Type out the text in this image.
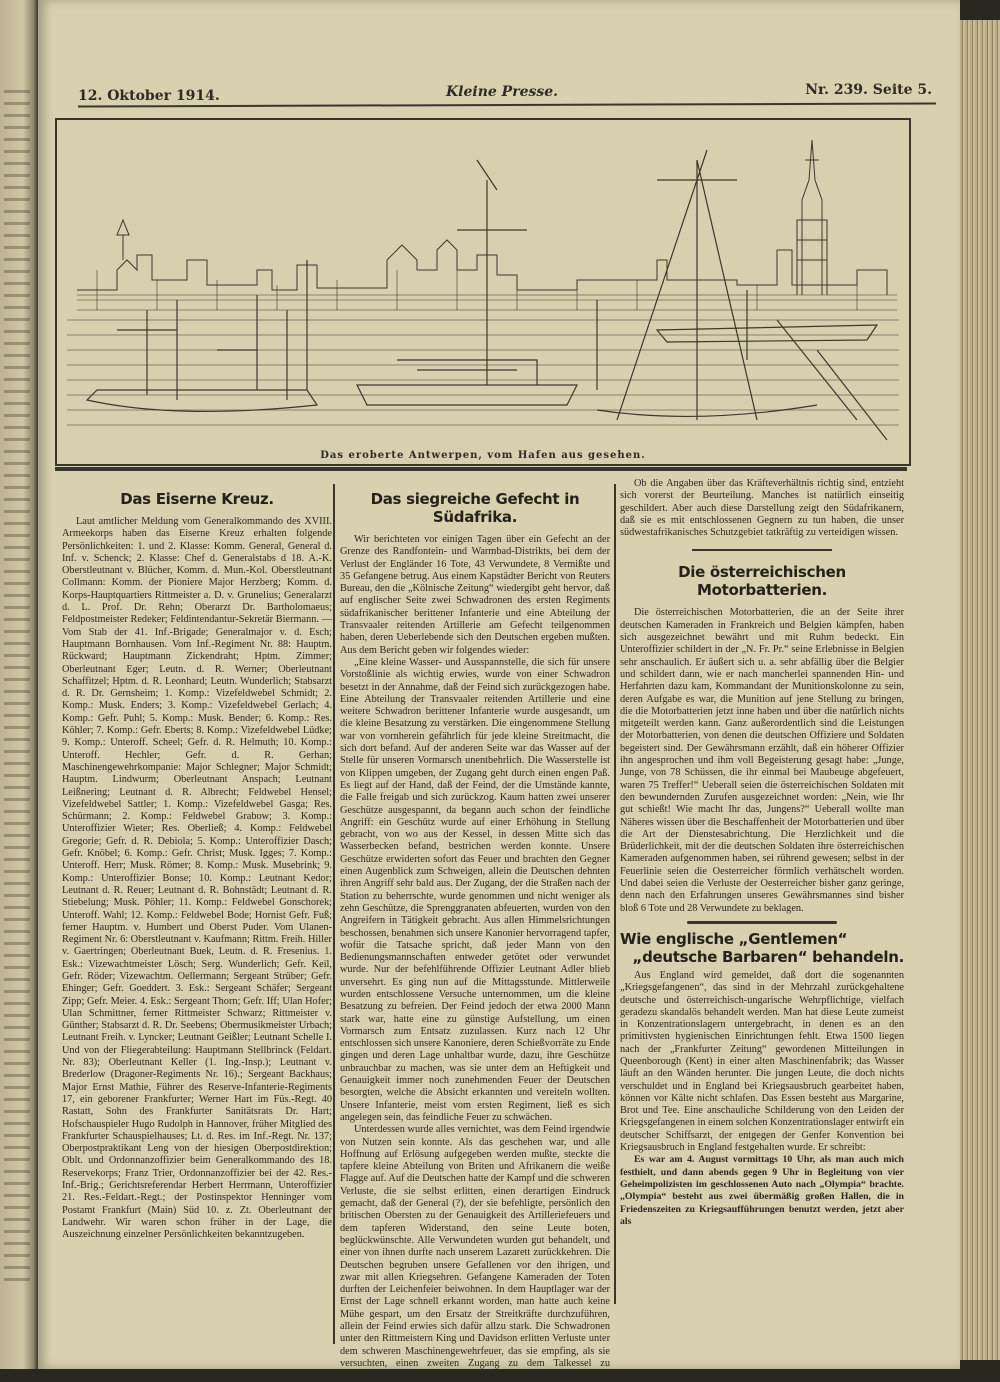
12. Oktober 1914.	Kleine Presse.	Nr. 239. Seite 5.
Das eroberte Antwerpen, vom Hafen aus gesehen.
Das Eiserne Kreuz.

Laut amtlicher Meldung vom Generalkommando des XVIII. Armeekorps haben das Eiserne Kreuz erhalten folgende Persönlichkeiten: 1. und 2. Klasse: Komm. General, General d. Inf. v. Schenck; 2. Klasse: Chef d. Generalstabs d 18. A.-K. Oberstleutnant v. Blücher, Komm. d. Mun.-Kol. Oberstleutnant Collmann: Komm. der Pioniere Major Herzberg; Komm. d. Korps-Hauptquartiers Rittmeister a. D. v. Grunelius; Generalarzt d. L. Prof. Dr. Rehn; Oberarzt Dr. Bartholomaeus; Feldpostmeister Redeker; Feldintendantur-Sekretär Biermann. — Vom Stab der 41. Inf.-Brigade; Generalmajor v. d. Esch; Hauptmann Bornhausen. Vom Inf.-Regiment Nr. 88: Hauptm. Rückward; Hauptmann Zickendraht; Hptm. Zimmer; Oberleutnant Eger; Leutn. d. R. Werner; Oberleutnant Schaffitzel; Hptm. d. R. Leonhard; Leutn. Wunderlich; Stabsarzt d. R. Dr. Gernsheim; 1. Komp.: Vizefeldwebel Schmidt; 2. Komp.: Musk. Enders; 3. Komp.: Vizefeldwebel Gerlach; 4. Komp.: Gefr. Puhl; 5. Komp.: Musk. Bender; 6. Komp.: Res. Köhler; 7. Komp.: Gefr. Eberts; 8. Komp.: Vizefeldwebel Lüdke; 9. Komp.: Unteroff. Scheel; Gefr. d. R. Helmuth; 10. Komp.: Unteroff. Hechler; Gefr. d. R. Gerhan; Maschinengewehrkompanie: Major Schlegner; Major Schmidt; Hauptm. Lindwurm; Oberleutnant Anspach; Leutnant Leißnering; Leutnant d. R. Albrecht; Feldwebel Hensel; Vizefeldwebel Sattler; 1. Komp.: Vizefeldwebel Gasga; Res. Schürmann; 2. Komp.: Feldwebel Grabow; 3. Komp.: Unteroffizier Wieter; Res. Oberließ; 4. Komp.: Feldwebel Gregorie; Gefr. d. R. Debiola; 5. Komp.: Unteroffizier Dasch; Gefr. Knöbel; 6. Komp.: Gefr. Christ; Musk. Igges; 7. Komp.: Unteroff. Herr; Musk. Römer; 8. Komp.: Musk. Musebrink; 9. Komp.: Unteroffizier Bonse; 10. Komp.: Leutnant Kedor; Leutnant d. R. Reuer; Leutnant d. R. Bohnstädt; Leutnant d. R. Stiebelung; Musk. Pöhler; 11. Komp.: Feldwebel Gonschorek; Unteroff. Wahl; 12. Komp.: Feldwebel Bode; Hornist Gefr. Fuß; ferner Hauptm. v. Humbert und Oberst Puder. Vom Ulanen-Regiment Nr. 6: Oberstleutnant v. Kaufmann; Rittm. Freih. Hiller v. Gaertringen; Oberleutnant Buek, Leutn. d. R. Fresenius. 1. Esk.: Vizewachtmeister Lösch; Serg. Wunderlich; Gefr. Keil, Gefr. Röder; Vizewachtm. Oellermann; Sergeant Strüber; Gefr. Ehinger; Gefr. Goeddert. 3. Esk.: Sergeant Schäfer; Sergeant Zipp; Gefr. Meier. 4. Esk.: Sergeant Thorn; Gefr. Iff; Ulan Hofer; Ulan Schmittner, ferner Rittmeister Schwarz; Rittmeister v. Günther; Stabsarzt d. R. Dr. Seebens; Obermusikmeister Urbach; Leutnant Freih. v. Lyncker; Leutnant Geißler; Leutnant Schelle I. Und von der Fliegerabteilung: Hauptmann Stellbrinck (Feldart. Nr. 83); Oberleutnant Keller (1. Ing.-Insp.); Leutnant v. Brederlow (Dragoner-Regiments Nr. 16).; Sergeant Backhaus; Major Ernst Mathie, Führer des Reserve-Infanterie-Regiments 17, ein geborener Frankfurter; Werner Hart im Füs.-Regt. 40 Rastatt, Sohn des Frankfurter Sanitätsrats Dr. Hart; Hofschauspieler Hugo Rudolph in Hannover, früher Mitglied des Frankfurter Schauspielhauses; Lt. d. Res. im Inf.-Regt. Nr. 137; Oberpostpraktikant Leng von der hiesigen Oberpostdirektion; Oblt. und Ordonnanzoffizier beim Generalkommando des 18. Reservekorps; Franz Trier, Ordonnanzoffizier bei der 42. Res.-Inf.-Brig.; Gerichtsreferendar Herbert Herrmann, Unteroffizier 21. Res.-Feldart.-Regt.; der Postinspektor Henninger vom Postamt Frankfurt (Main) Süd 10. z. Zt. Oberleutnant der Landwehr. Wir waren schon früher in der Lage, die Auszeichnung einzelner Persönlichkeiten bekanntzugeben.

Das siegreiche Gefecht in Südafrika.

Wir berichteten vor einigen Tagen über ein Gefecht an der Grenze des Randfontein- und Warmbad-Distrikts, bei dem der Verlust der Engländer 16 Tote, 43 Verwundete, 8 Vermißte und 35 Gefangene betrug. Aus einem Kapstädter Bericht von Reuters Bureau, den die „Kölnische Zeitung“ wiedergibt geht hervor, daß auf englischer Seite zwei Schwadronen des ersten Regiments südafrikanischer berittener Infanterie und eine Abteilung der Transvaaler reitenden Artillerie am Gefecht teilgenommen haben, deren Ueberlebende sich den Deutschen ergeben mußten. Aus dem Bericht geben wir folgendes wieder:

„Eine kleine Wasser- und Ausspannstelle, die sich für unsere Vorstoßlinie als wichtig erwies, wurde von einer Schwadron besetzt in der Annahme, daß der Feind sich zurückgezogen habe. Eine Abteilung der Transvaaler reitenden Artillerie und eine weitere Schwadron berittener Infanterie wurde ausgesandt, um die kleine Besatzung zu verstärken. Die eingenommene Stellung war von vornherein gefährlich für jede kleine Streitmacht, die sich dort befand. Auf der anderen Seite war das Wasser auf der Stelle für unseren Vormarsch unentbehrlich. Die Wasserstelle ist von Klippen umgeben, der Zugang geht durch einen engen Paß. Es liegt auf der Hand, daß der Feind, der die Umstände kannte, die Falle freigab und sich zurückzog. Kaum hatten zwei unserer Geschütze ausgespannt, da begann auch schon der feindliche Angriff: ein Geschütz wurde auf einer Erhöhung in Stellung gebracht, von wo aus der Kessel, in dessen Mitte sich das Wasserbecken befand, bestrichen werden konnte. Unsere Geschütze erwiderten sofort das Feuer und brachten den Gegner einen Augenblick zum Schweigen, allein die Deutschen dehnten ihren Angriff sehr bald aus. Der Zugang, der die Straßen nach der Station zu beherrschte, wurde genommen und nicht weniger als zehn Geschütze, die Sprenggranaten abfeuerten, wurden von den Angreifern in Tätigkeit gebracht. Aus allen Himmelsrichtungen beschossen, benahmen sich unsere Kanonier hervorragend tapfer, wofür die Tatsache spricht, daß jeder Mann von den Bedienungsmannschaften entweder getötet oder verwundet wurde. Nur der befehlführende Offizier Leutnant Adler blieb unversehrt. Es ging nun auf die Mittagsstunde. Mittlerweile wurden entschlossene Versuche unternommen, um die kleine Besatzung zu befreien. Der Feind jedoch der etwa 2000 Mann stark war, hatte eine zu günstige Aufstellung, um einen Vormarsch zum Entsatz zuzulassen. Kurz nach 12 Uhr entschlossen sich unsere Kanoniere, deren Schießvorräte zu Ende gingen und deren Lage unhaltbar wurde, dazu, ihre Geschütze unbrauchbar zu machen, was sie unter dem an Heftigkeit und Genauigkeit immer noch zunehmenden Feuer der Deutschen besorgten, welche die Absicht erkannten und vereiteln wollten. Unsere Infanterie, meist vom ersten Regiment, ließ es sich angelegen sein, das feindliche Feuer zu schwächen.

Unterdessen wurde alles vernichtet, was dem Feind irgendwie von Nutzen sein konnte. Als das geschehen war, und alle Hoffnung auf Erlösung aufgegeben werden mußte, steckte die tapfere kleine Abteilung von Briten und Afrikanern die weiße Flagge auf. Auf die Deutschen hatte der Kampf und die schweren Verluste, die sie selbst erlitten, einen derartigen Eindruck gemacht, daß der General (?), der sie befehligte, persönlich den britischen Obersten zu der Genauigkeit des Artilleriefeuers und dem tapferen Widerstand, den seine Leute boten, beglückwünschte. Alle Verwundeten wurden gut behandelt, und einer von ihnen durfte nach unserem Lazarett zurückkehren. Die Deutschen begruben unsere Gefallenen vor den ihrigen, und zwar mit allen Kriegsehren. Gefangene Kameraden der Toten durften der Leichenfeier beiwohnen. In dem Hauptlager war der Ernst der Lage schnell erkannt worden, man hatte auch keine Mühe gespart, um den Ersatz der Streitkräfte durchzuführen, allein der Feind erwies sich dafür allzu stark. Die Schwadronen unter den Rittmeistern King und Davidson erlitten Verluste unter dem schweren Maschinengewehrfeuer, das sie empfing, als sie versuchten, einen zweiten Zugang zu dem Talkessel zu durchbrechen.“

Ob die Angaben über das Kräfteverhältnis richtig sind, entzieht sich vorerst der Beurteilung. Manches ist natürlich einseitig geschildert. Aber auch diese Darstellung zeigt den Südafrikanern, daß sie es mit entschlossenen Gegnern zu tun haben, die unser südwestafrikanisches Schutzgebiet tatkräftig zu verteidigen wissen.

Die österreichischen Motorbatterien.

Die österreichischen Motorbatterien, die an der Seite ihrer deutschen Kameraden in Frankreich und Belgien kämpfen, haben sich ausgezeichnet bewährt und mit Ruhm bedeckt. Ein Unteroffizier schildert in der „N. Fr. Pr.“ seine Erlebnisse in Belgien sehr anschaulich. Er äußert sich u. a. sehr abfällig über die Belgier und schildert dann, wie er nach mancherlei spannenden Hin- und Herfahrten dazu kam, Kommandant der Munitionskolonne zu sein, deren Aufgabe es war, die Munition auf jene Stellung zu bringen, die die Motorbatterien jetzt inne haben und über die natürlich nichts mitgeteilt werden kann. Ganz außerordentlich sind die Leistungen der Motorbatterien, von denen die deutschen Offiziere und Soldaten begeistert sind. Der Gewährsmann erzählt, daß ein höherer Offizier ihn angesprochen und ihm voll Begeisterung gesagt habe: „Junge, Junge, von 78 Schüssen, die ihr einmal bei Maubeuge abgefeuert, waren 75 Treffer!“ Ueberall seien die österreichischen Soldaten mit den bewundernden Zurufen ausgezeichnet worden: „Nein, wie Ihr gut schießt! Wie macht Ihr das, Jungens?“ Ueberall wollte man Näheres wissen über die Beschaffenheit der Motorbatterien und über die Art der Dienstesabrichtung. Die Herzlichkeit und die Brüderlichkeit, mit der die deutschen Soldaten ihre österreichischen Kameraden aufgenommen haben, sei rührend gewesen; selbst in der Feuerlinie seien die Oesterreicher förmlich verhätschelt worden. Und dabei seien die Verluste der Oesterreicher bisher ganz geringe, denn nach den Erfahrungen unseres Gewährsmannes sind bisher bloß 6 Tote und 28 Verwundete zu beklagen.

Wie englische „Gentlemen“
„deutsche Barbaren“ behandeln.

Aus England wird gemeldet, daß dort die sogenannten „Kriegsgefangenen“, das sind in der Mehrzahl zurückgehaltene deutsche und österreichisch-ungarische Wehrpflichtige, vielfach geradezu skandalös behandelt werden. Man hat diese Leute zumeist in Konzentrationslagern untergebracht, in denen es an den primitivsten hygienischen Einrichtungen fehlt. Etwa 1500 liegen nach der „Frankfurter Zeitung“ gewordenen Mitteilungen in Queenborough (Kent) in einer alten Maschinenfabrik; das Wasser läuft an den Wänden herunter. Die jungen Leute, die doch nichts verschuldet und in England bei Kriegsausbruch gearbeitet haben, können vor Kälte nicht schlafen. Das Essen besteht aus Margarine, Brot und Tee. Eine anschauliche Schilderung von den Leiden der Kriegsgefangenen in einem solchen Konzentrationslager entwirft ein deutscher Schiffsarzt, der entgegen der Genfer Konvention bei Kriegsausbruch in England festgehalten wurde. Er schreibt:

Es war am 4. August vormittags 10 Uhr, als man auch mich festhielt, und dann abends gegen 9 Uhr in Begleitung von vier Geheimpolizisten im geschlossenen Auto nach „Olympia“ brachte. „Olympia“ besteht aus zwei übermäßig großen Hallen, die in Friedenszeiten zu Kriegsaufführungen benutzt werden, jetzt aber als
